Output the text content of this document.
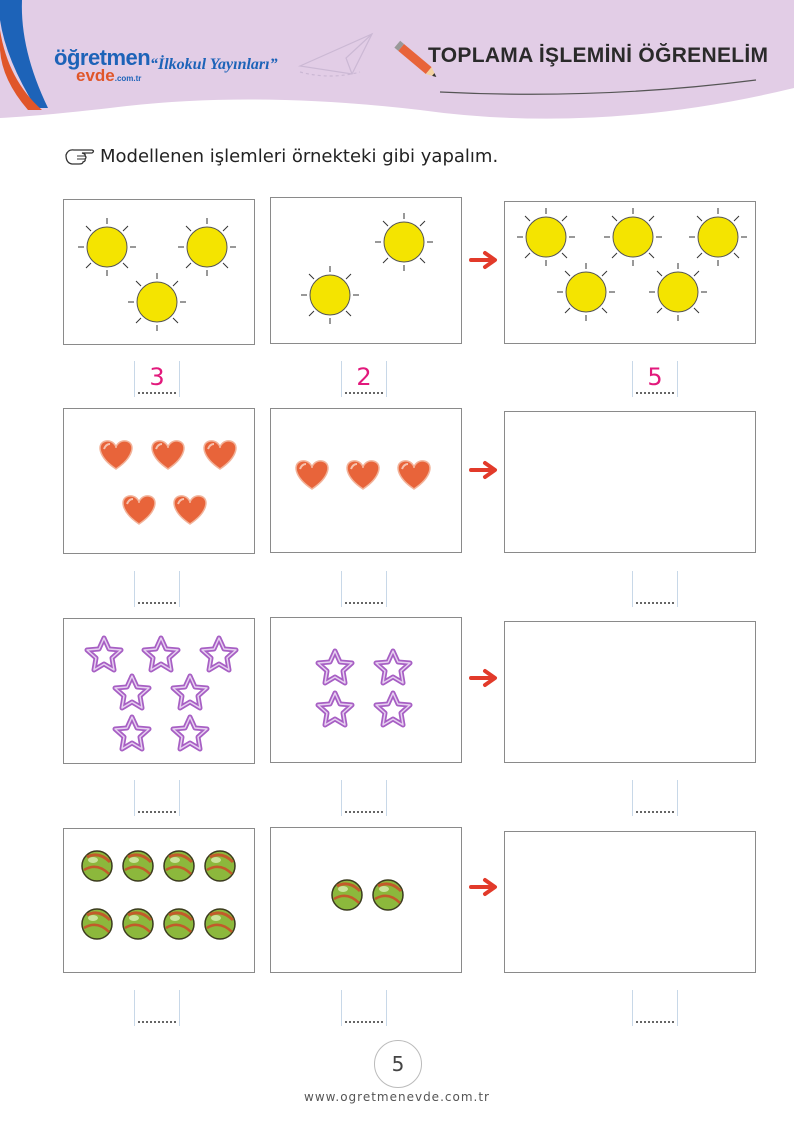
öğretmen
evde.com.tr
“İlkokul Yayınları”	TOPLAMA İŞLEMİNİ ÖĞRENELİM
Modellenen işlemleri örnekteki gibi yapalım.
3	2	5
5
www.ogretmenevde.com.tr
